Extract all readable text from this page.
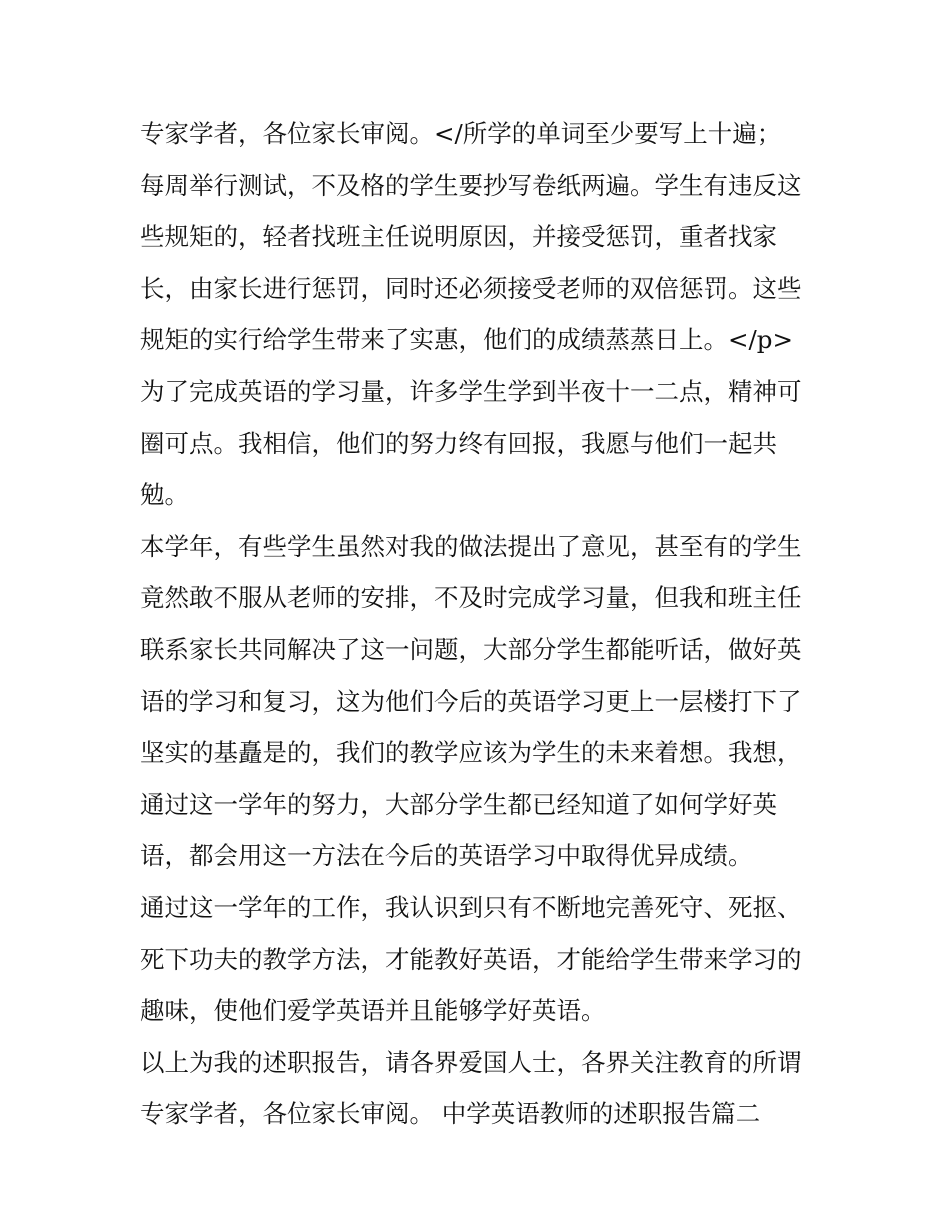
专家学者，各位家长审阅。</所学的单词至少要写上十遍；
每周举行测试，不及格的学生要抄写卷纸两遍。学生有违反这
些规矩的，轻者找班主任说明原因，并接受惩罚，重者找家
长，由家长进行惩罚，同时还必须接受老师的双倍惩罚。这些
规矩的实行给学生带来了实惠，他们的成绩蒸蒸日上。</p>
为了完成英语的学习量，许多学生学到半夜十一二点，精神可
圈可点。我相信，他们的努力终有回报，我愿与他们一起共
勉。
本学年，有些学生虽然对我的做法提出了意见，甚至有的学生
竟然敢不服从老师的安排，不及时完成学习量，但我和班主任
联系家长共同解决了这一问题，大部分学生都能听话，做好英
语的学习和复习，这为他们今后的英语学习更上一层楼打下了
坚实的基矗是的，我们的教学应该为学生的未来着想。我想，
通过这一学年的努力，大部分学生都已经知道了如何学好英
语，都会用这一方法在今后的英语学习中取得优异成绩。
通过这一学年的工作，我认识到只有不断地完善死守、死抠、
死下功夫的教学方法，才能教好英语，才能给学生带来学习的
趣味，使他们爱学英语并且能够学好英语。
以上为我的述职报告，请各界爱国人士，各界关注教育的所谓
专家学者，各位家长审阅。 中学英语教师的述职报告篇二
